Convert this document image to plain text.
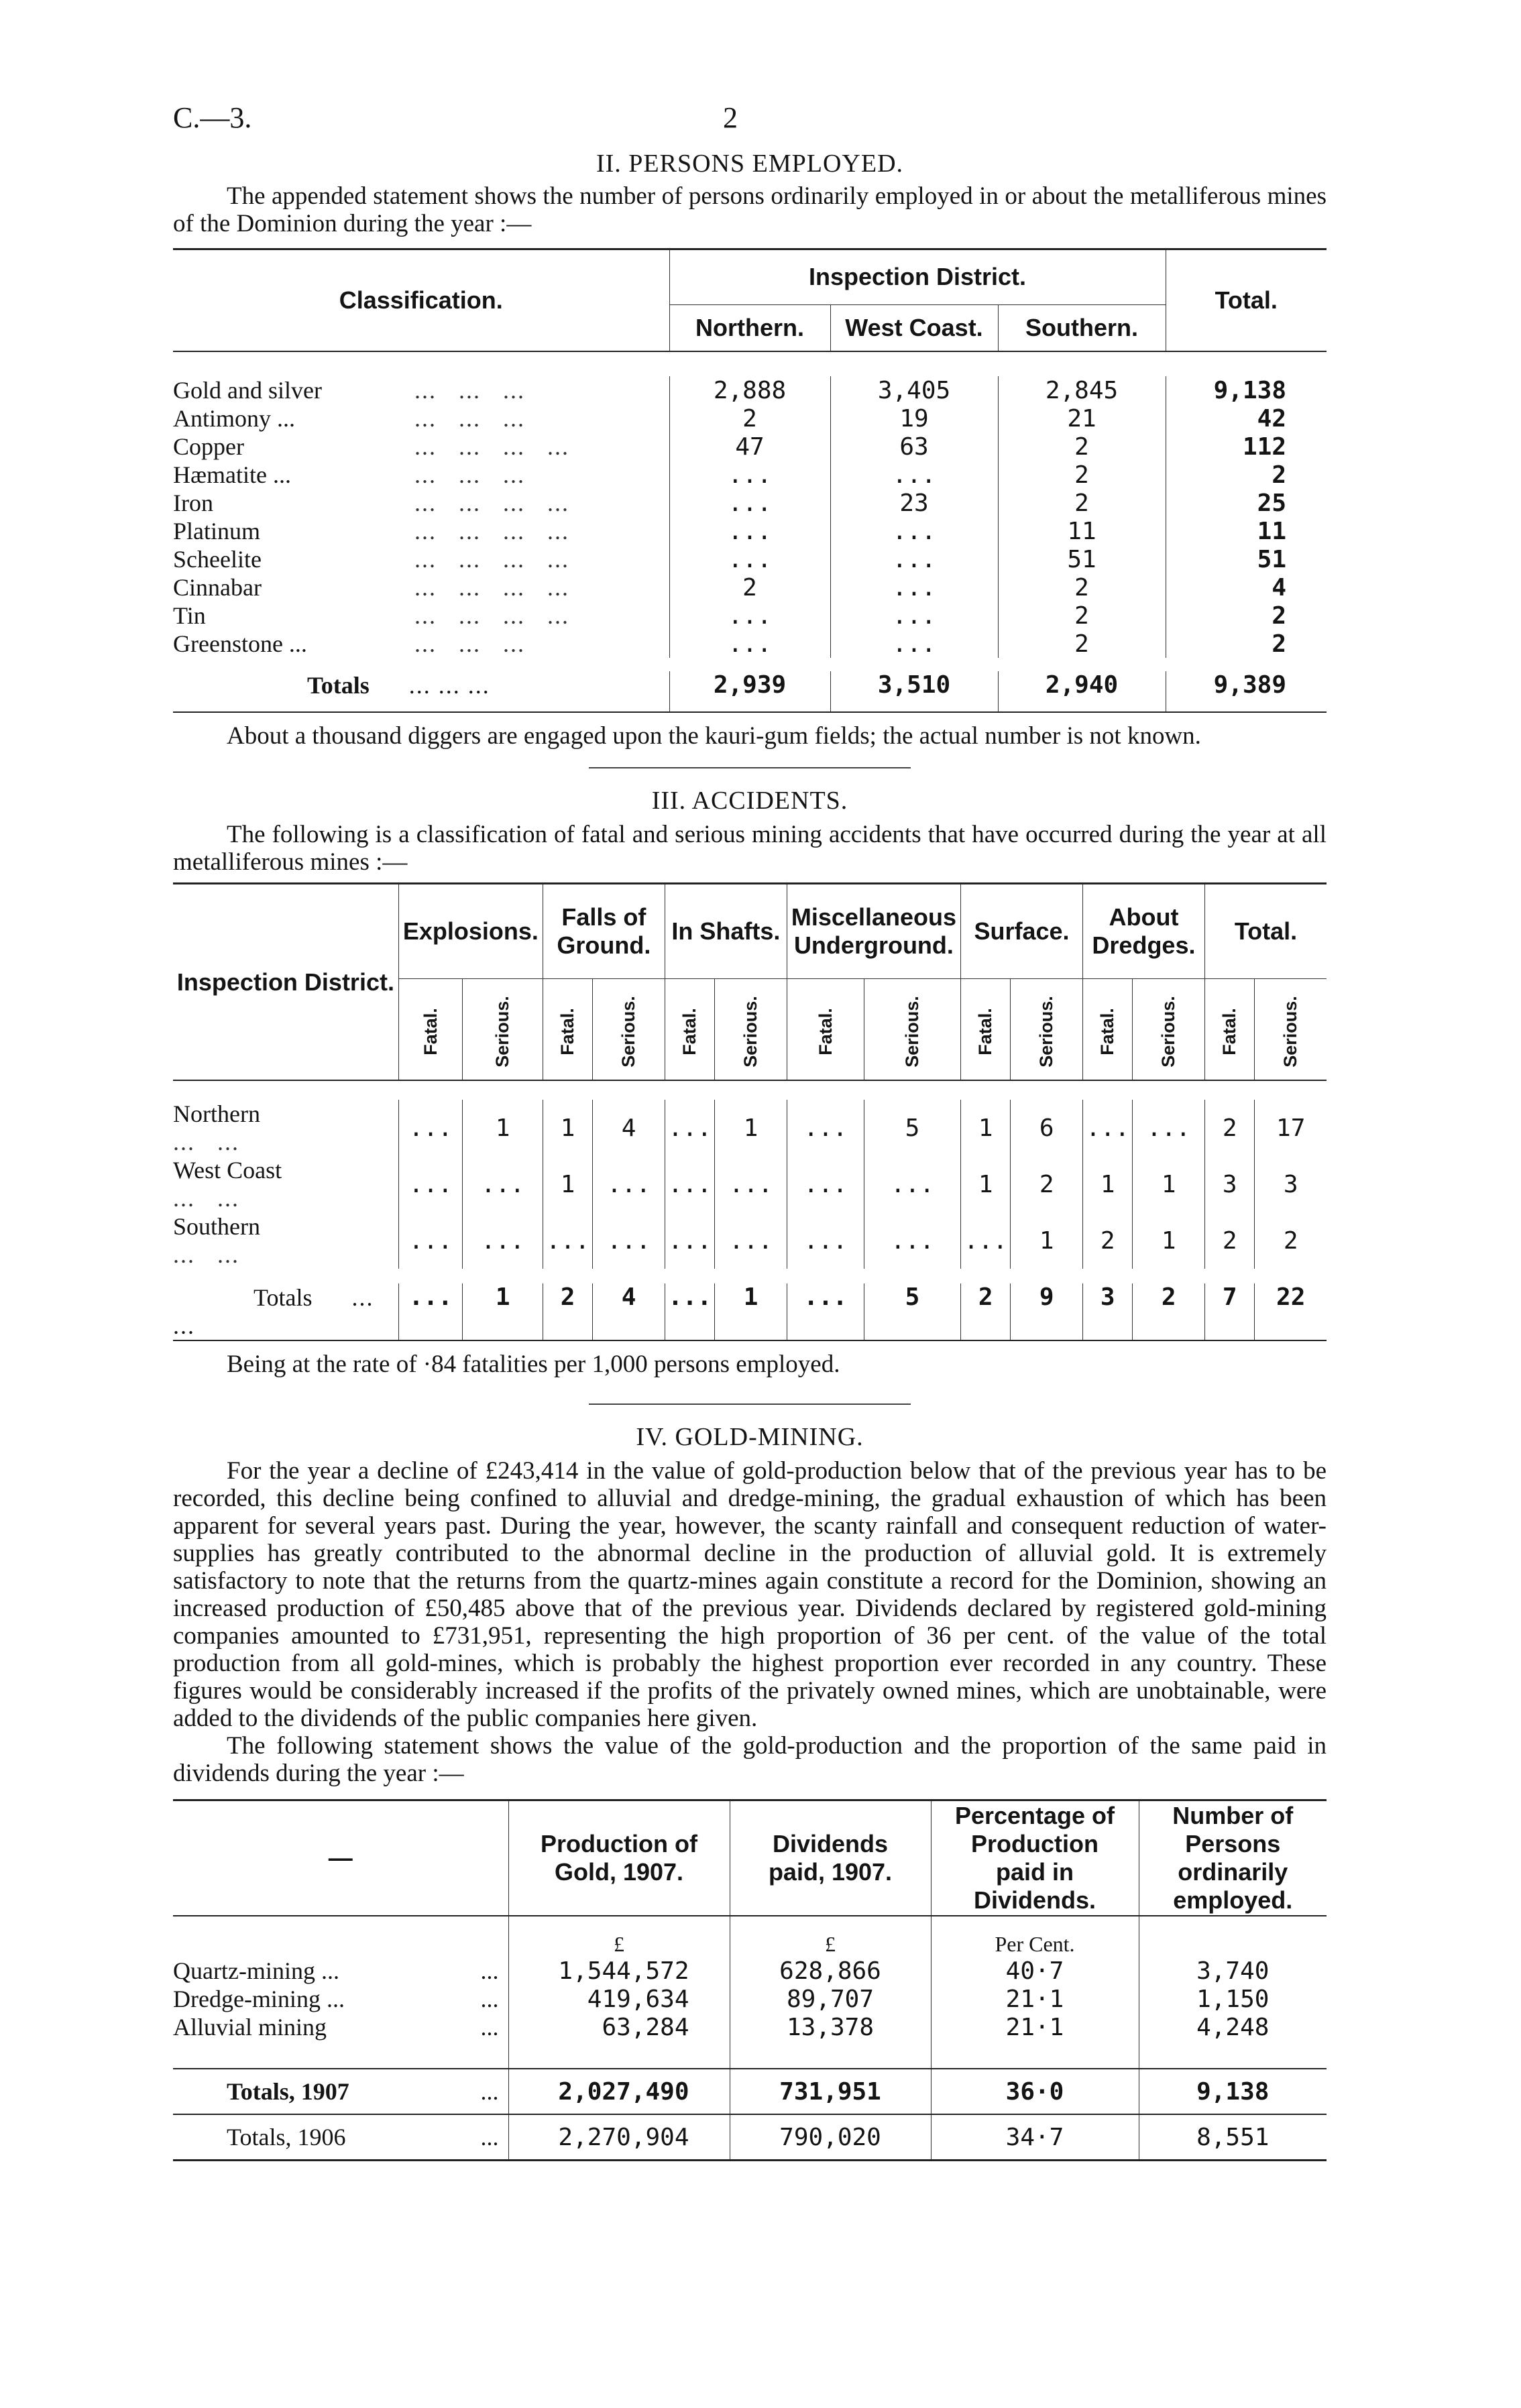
C.—3.	2
II. PERSONS EMPLOYED.

The appended statement shows the number of persons ordinarily employed in or about the metalliferous mines of the Dominion during the year :—

Classification.	Inspection District.			Total.
	Northern.	West Coast.	Southern.	

Gold and silver ...   ...   ...	2,888	3,405	2,845	9,138
Antimony ... ...   ...   ...	2	19	21	42
Copper ...   ...   ...   ...	47	63	2	112
Hæmatite ... ...   ...   ...	...	...	2	2
Iron ...   ...   ...   ...	...	23	2	25
Platinum ...   ...   ...   ...	...	...	11	11
Scheelite ...   ...   ...   ...	...	...	51	51
Cinnabar ...   ...   ...   ...	2	...	2	4
Tin ...   ...   ...   ...	...	...	2	2
Greenstone ... ...   ...   ...	...	...	2	2

Totals ... ... ...	2,939	3,510	2,940	9,389

About a thousand diggers are engaged upon the kauri-gum fields; the actual number is not known.

III. ACCIDENTS.

The following is a classification of fatal and serious mining accidents that have occurred during the year at all metalliferous mines :—

Inspection District.	Explosions.		Falls of Ground.		In Shafts.		Miscellaneous Underground.		Surface.		About Dredges.		Total.	
	Fatal.	Serious.	Fatal.	Serious.	Fatal.	Serious.	Fatal.	Serious.	Fatal.	Serious.	Fatal.	Serious.	Fatal.	Serious.

Northern...   ...	...	1	1	4	...	1	...	5	1	6	...	...	2	17
West Coast...   ...	...	...	1	...	...	...	...	...	1	2	1	1	3	3
Southern...   ...	...	...	...	...	...	...	...	...	...	1	2	1	2	2

Totals ... ...	...	1	2	4	...	1	...	5	2	9	3	2	7	22

Being at the rate of ·84 fatalities per 1,000 persons employed.

IV. GOLD-MINING.

For the year a decline of £243,414 in the value of gold-production below that of the previous year has to be recorded, this decline being confined to alluvial and dredge-mining, the gradual exhaustion of which has been apparent for several years past. During the year, however, the scanty rainfall and consequent reduction of water-supplies has greatly contributed to the abnormal decline in the production of alluvial gold. It is extremely satisfactory to note that the returns from the quartz-mines again constitute a record for the Dominion, showing an increased production of £50,485 above that of the previous year. Dividends declared by registered gold-mining companies amounted to £731,951, representing the high proportion of 36 per cent. of the value of the total production from all gold-mines, which is probably the highest proportion ever recorded in any country. These figures would be considerably increased if the profits of the privately owned mines, which are unobtainable, were added to the dividends of the public companies here given.

The following statement shows the value of the gold-production and the proportion of the same paid in dividends during the year :—

—	Production of Gold, 1907.	Dividends paid, 1907.	Percentage of Production paid in Dividends.	Number of Persons ordinarily employed.
	£	£	Per Cent.	
Quartz-mining ... ...	1,544,572	628,866	40·7	3,740
Dredge-mining ... ...	419,634	89,707	21·1	1,150
Alluvial mining ...	63,284	13,378	21·1	4,248

Totals, 1907 ...	2,027,490	731,951	36·0	9,138
Totals, 1906 ...	2,270,904	790,020	34·7	8,551
